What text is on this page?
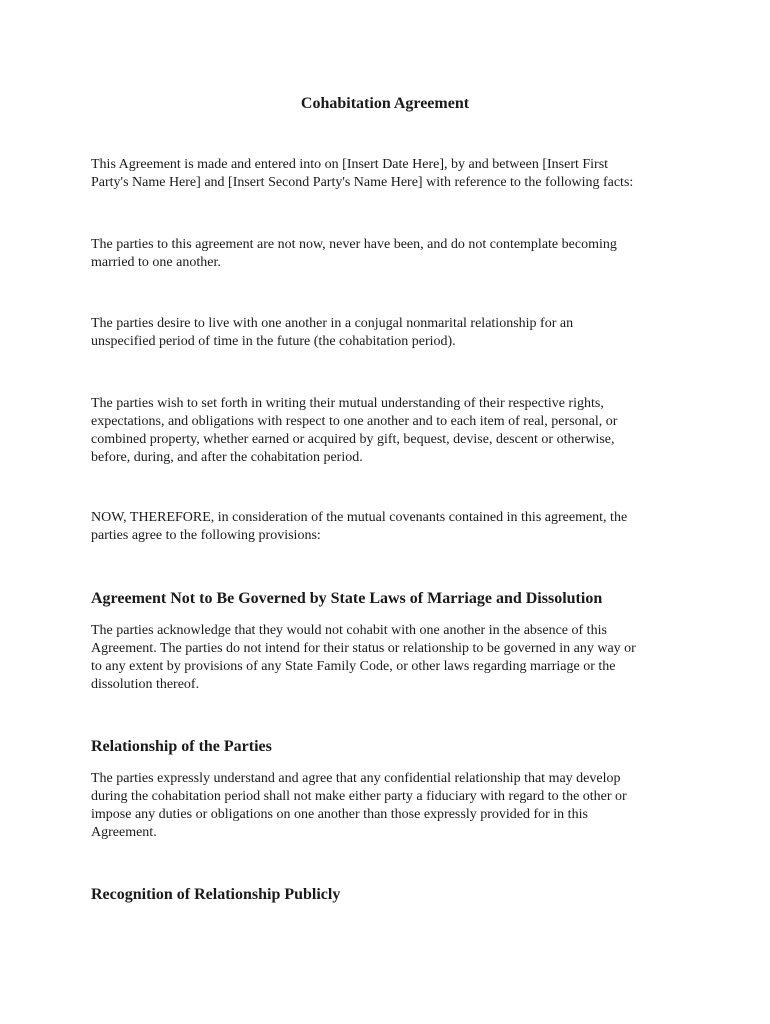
Cohabitation Agreement

This Agreement is made and entered into on [Insert Date Here], by and between [Insert First
Party's Name Here] and [Insert Second Party's Name Here] with reference to the following facts:

The parties to this agreement are not now, never have been, and do not contemplate becoming
married to one another.

The parties desire to live with one another in a conjugal nonmarital relationship for an
unspecified period of time in the future (the cohabitation period).

The parties wish to set forth in writing their mutual understanding of their respective rights,
expectations, and obligations with respect to one another and to each item of real, personal, or
combined property, whether earned or acquired by gift, bequest, devise, descent or otherwise,
before, during, and after the cohabitation period.

NOW, THEREFORE, in consideration of the mutual covenants contained in this agreement, the
parties agree to the following provisions:

Agreement Not to Be Governed by State Laws of Marriage and Dissolution

The parties acknowledge that they would not cohabit with one another in the absence of this
Agreement. The parties do not intend for their status or relationship to be governed in any way or
to any extent by provisions of any State Family Code, or other laws regarding marriage or the
dissolution thereof.

Relationship of the Parties

The parties expressly understand and agree that any confidential relationship that may develop
during the cohabitation period shall not make either party a fiduciary with regard to the other or
impose any duties or obligations on one another than those expressly provided for in this
Agreement.

Recognition of Relationship Publicly
